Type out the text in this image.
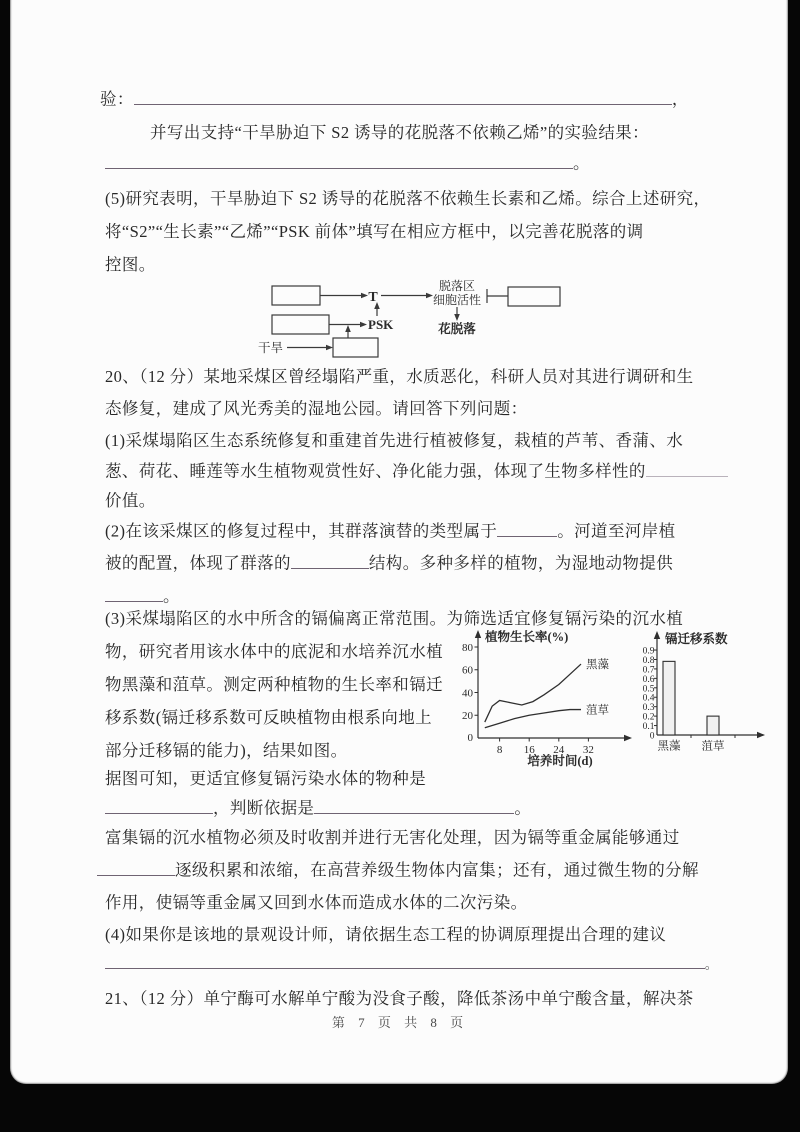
验：	，
并写出支持“干旱胁迫下 S2 诱导的花脱落不依赖乙烯”的实验结果：
。
(5)研究表明，干旱胁迫下 S2 诱导的花脱落不依赖生长素和乙烯。综合上述研究，
将“S2”“生长素”“乙烯”“PSK 前体”填写在相应方框中，以完善花脱落的调
控图。
T
脱落区
细胞活性
花脱落
PSK
干旱
20、（12 分）某地采煤区曾经塌陷严重，水质恶化，科研人员对其进行调研和生
态修复，建成了风光秀美的湿地公园。请回答下列问题：
(1)采煤塌陷区生态系统修复和重建首先进行植被修复，栽植的芦苇、香蒲、水
葱、荷花、睡莲等水生植物观赏性好、净化能力强，体现了生物多样性的
价值。
(2)在该采煤区的修复过程中，其群落演替的类型属于	。河道至河岸植
被的配置，体现了群落的	结构。多种多样的植物，为湿地动物提供
。
(3)采煤塌陷区的水中所含的镉偏离正常范围。为筛选适宜修复镉污染的沉水植
物，研究者用该水体中的底泥和水培养沉水植
物黑藻和菹草。测定两种植物的生长率和镉迁
移系数(镉迁移系数可反映植物由根系向地上
部分迁移镉的能力)，结果如图。
据图可知，更适宜修复镉污染水体的物种是
，判断依据是	。
富集镉的沉水植物必须及时收割并进行无害化处理，因为镉等重金属能够通过
逐级积累和浓缩，在高营养级生物体内富集；还有，通过微生物的分解
作用，使镉等重金属又回到水体而造成水体的二次污染。
(4)如果你是该地的景观设计师，请依据生态工程的协调原理提出合理的建议
。
21、（12 分）单宁酶可水解单宁酸为没食子酸，降低茶汤中单宁酸含量，解决茶
植物生长率(%)
培养时间(d)
20
40
60
80
0
8 16 24 32
黑藻
菹草
镉迁移系数
0
0.1
0.2
0.3
0.4
0.5
0.6
0.7
0.8
0.9
黑藻 菹草
第 7 页 共 8 页
